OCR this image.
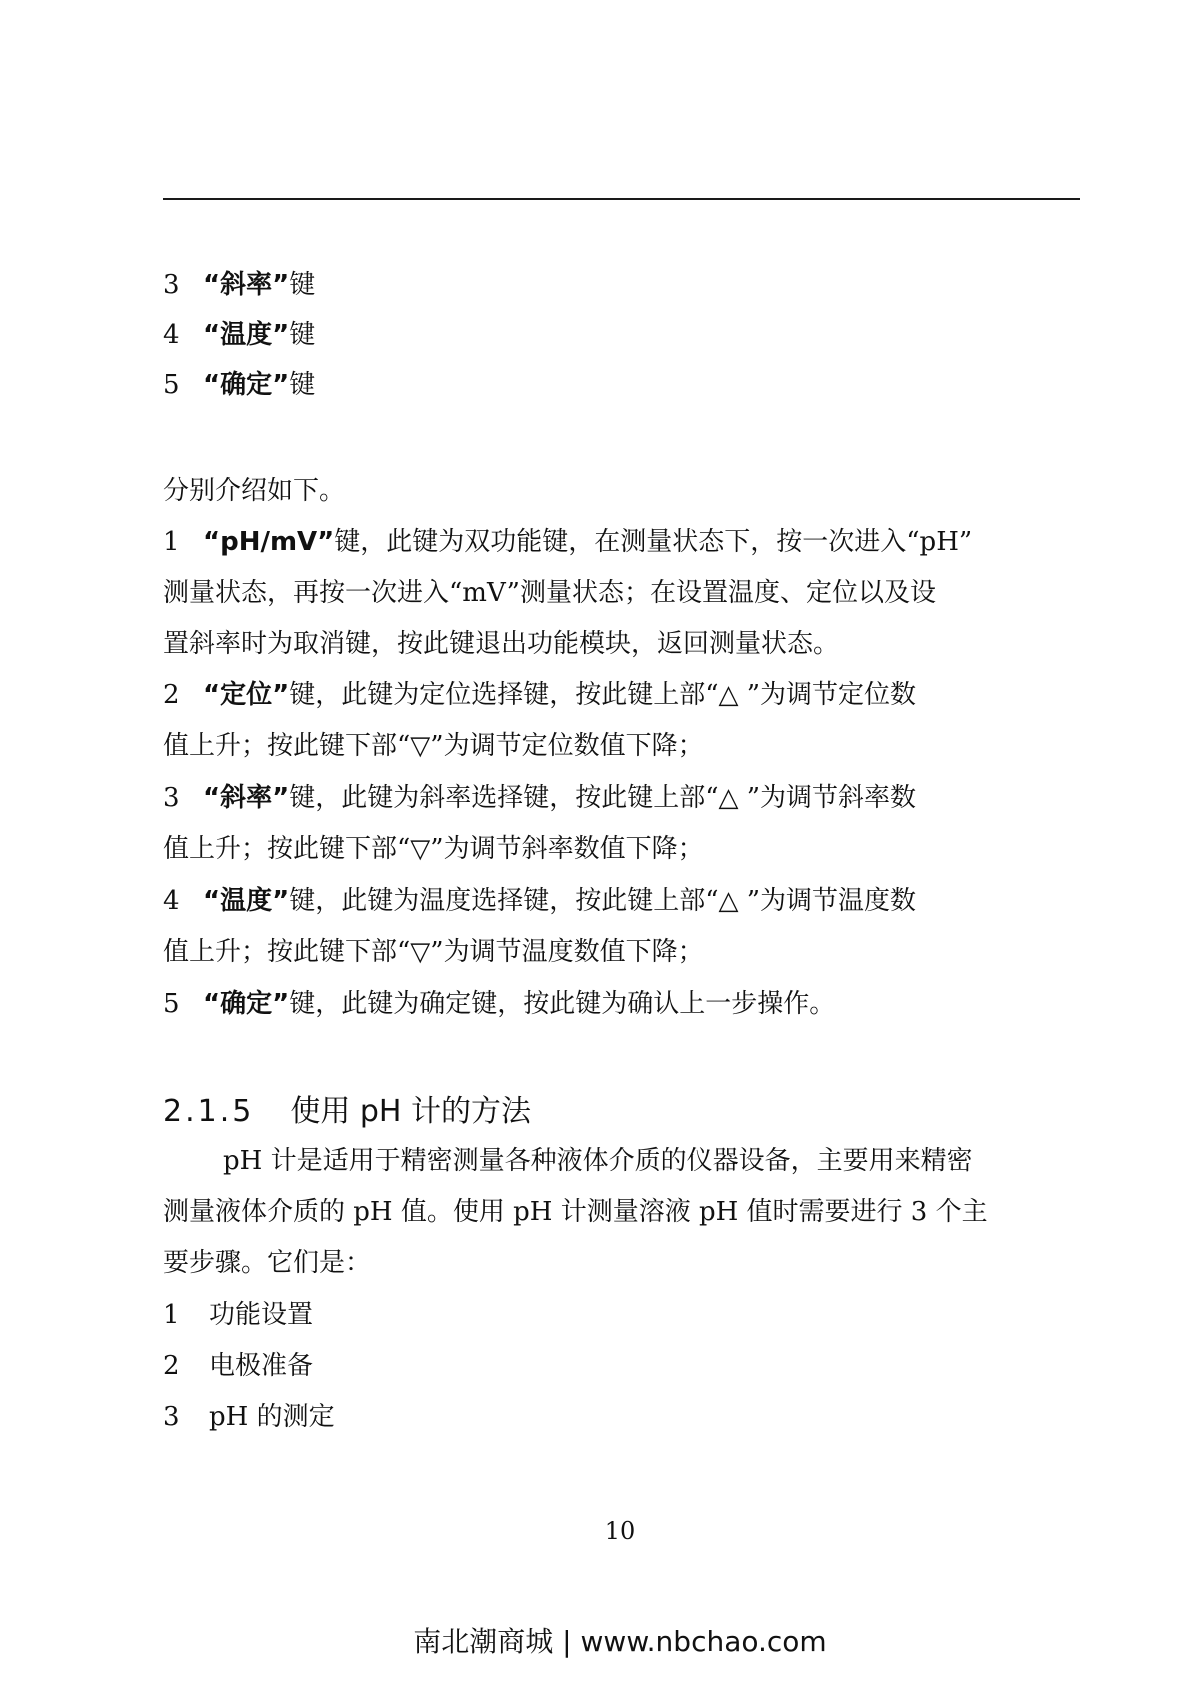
3 “斜率”键
4 “温度”键
5 “确定”键
分别介绍如下。
1 “pH/mV”键，此键为双功能键，在测量状态下，按一次进入“pH”
测量状态，再按一次进入“mV”测量状态；在设置温度、定位以及设
置斜率时为取消键，按此键退出功能模块，返回测量状态。
2 “定位”键，此键为定位选择键，按此键上部“△ ”为调节定位数
值上升；按此键下部“▽”为调节定位数值下降；
3 “斜率”键，此键为斜率选择键，按此键上部“△ ”为调节斜率数
值上升；按此键下部“▽”为调节斜率数值下降；
4 “温度”键，此键为温度选择键，按此键上部“△ ”为调节温度数
值上升；按此键下部“▽”为调节温度数值下降；
5 “确定”键，此键为确定键，按此键为确认上一步操作。
2.1.5 使用 pH 计的方法
pH 计是适用于精密测量各种液体介质的仪器设备，主要用来精密
测量液体介质的 pH 值。使用 pH 计测量溶液 pH 值时需要进行 3 个主
要步骤。它们是：
1 功能设置
2 电极准备
3 pH 的测定
10
南北潮商城 | www.nbchao.com
